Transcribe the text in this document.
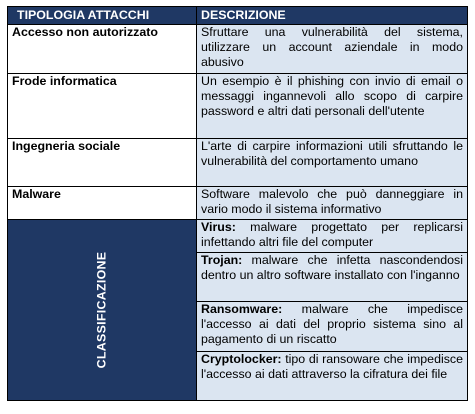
TIPOLOGIA ATTACCHI	DESCRIZIONE
Accesso non autorizzato	Sfruttare una vulnerabilità del sistema, utilizzare un account aziendale in modo abusivo
Frode informatica	Un esempio è il phishing con invio di email o messaggi ingannevoli allo scopo di carpire password e altri dati personali dell'utente
Ingegneria sociale	L'arte di carpire informazioni utili sfruttando le vulnerabilità del comportamento umano
Malware	Software malevolo che può danneggiare in vario modo il sistema informativo

CLASSIFICAZIONE	Virus: malware progettato per replicarsi infettando altri file del computer
	Trojan: malware che infetta nascondendosi dentro un altro software installato con l'inganno
	Ransomware: malware che impedisce l'accesso ai dati del proprio sistema sino al pagamento di un riscatto
	Cryptolocker: tipo di ransoware che impedisce l'accesso ai dati attraverso la cifratura dei file
